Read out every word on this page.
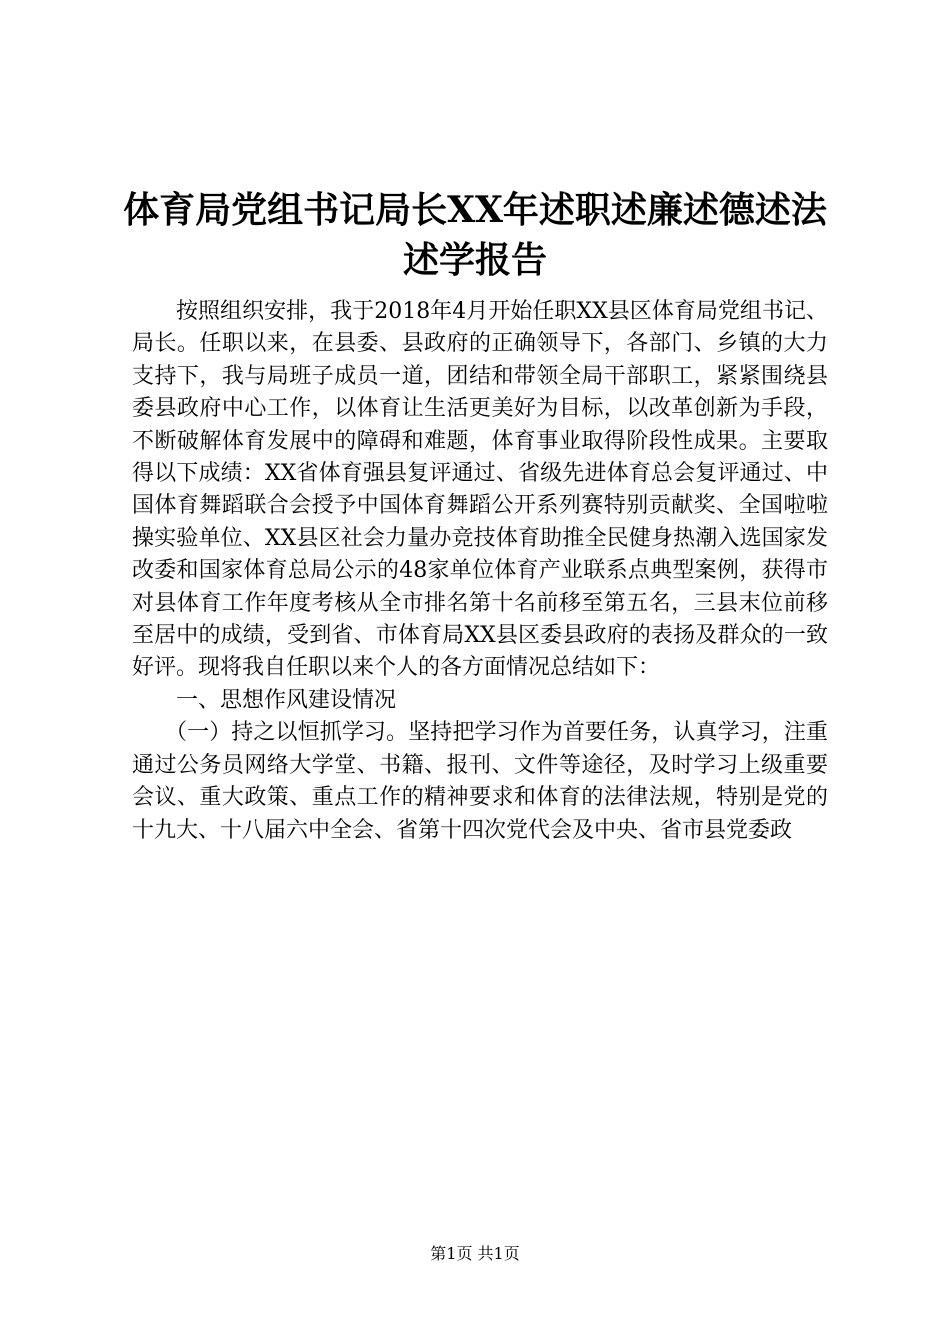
体育局党组书记局长XX年述职述廉述德述法
述学报告

按照组织安排，我于2018年4月开始任职XX县区体育局党组书记、局长。任职以来，在县委、县政府的正确领导下，各部门、乡镇的大力支持下，我与局班子成员一道，团结和带领全局干部职工，紧紧围绕县委县政府中心工作，以体育让生活更美好为目标，以改革创新为手段，不断破解体育发展中的障碍和难题，体育事业取得阶段性成果。主要取得以下成绩：XX省体育强县复评通过、省级先进体育总会复评通过、中国体育舞蹈联合会授予中国体育舞蹈公开系列赛特别贡献奖、全国啦啦操实验单位、XX县区社会力量办竞技体育助推全民健身热潮入选国家发改委和国家体育总局公示的48家单位体育产业联系点典型案例，获得市对县体育工作年度考核从全市排名第十名前移至第五名，三县末位前移至居中的成绩，受到省、市体育局XX县区委县政府的表扬及群众的一致好评。现将我自任职以来个人的各方面情况总结如下：

一、思想作风建设情况

（一）持之以恒抓学习。坚持把学习作为首要任务，认真学习，注重通过公务员网络大学堂、书籍、报刊、文件等途径，及时学习上级重要会议、重大政策、重点工作的精神要求和体育的法律法规，特别是党的十九大、十八届六中全会、省第十四次党代会及中央、省市县党委政

第1页 共1页
